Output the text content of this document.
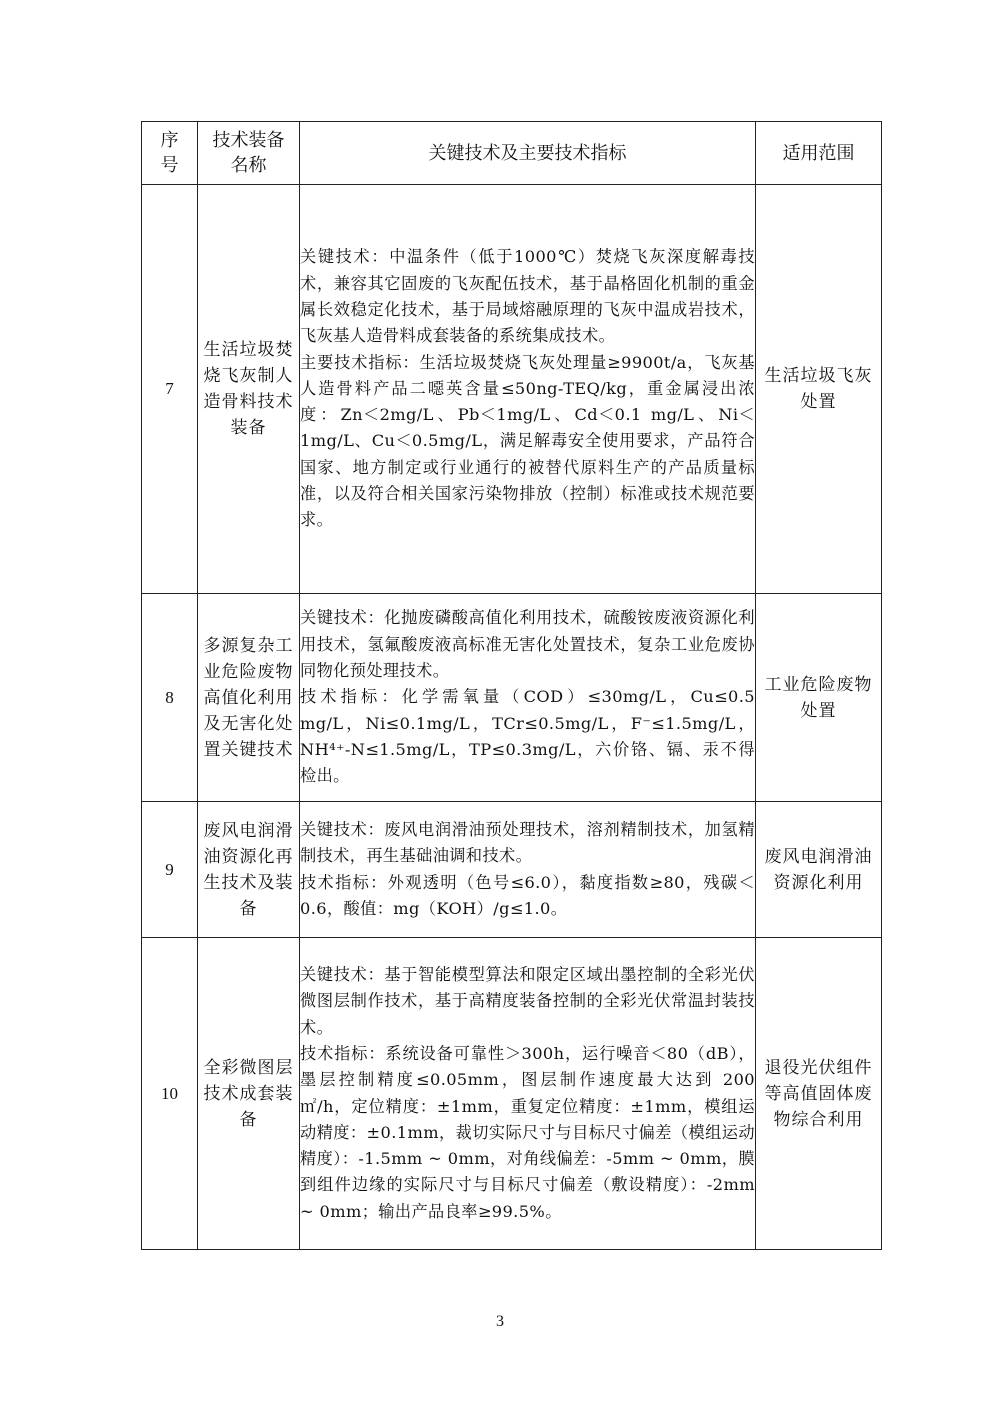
序号	技术装备名称	关键技术及主要技术指标	适用范围
7	生活垃圾焚烧飞灰制人造骨料技术装备	关键技术：中温条件（低于1000℃）焚烧飞灰深度解毒技术，兼容其它固废的飞灰配伍技术，基于晶格固化机制的重金属长效稳定化技术，基于局域熔融原理的飞灰中温成岩技术，飞灰基人造骨料成套装备的系统集成技术。

主要技术指标：生活垃圾焚烧飞灰处理量≥9900t/a，飞灰基人造骨料产品二噁英含量≤50ng-TEQ/kg，重金属浸出浓度：Zn＜2mg/L、Pb＜1mg/L、Cd＜0.1 mg/L、Ni＜1mg/L、Cu＜0.5mg/L，满足解毒安全使用要求，产品符合国家、地方制定或行业通行的被替代原料生产的产品质量标准，以及符合相关国家污染物排放（控制）标准或技术规范要求。	生活垃圾飞灰处置
8	多源复杂工业危险废物高值化利用及无害化处置关键技术	关键技术：化抛废磷酸高值化利用技术，硫酸铵废液资源化利用技术，氢氟酸废液高标准无害化处置技术，复杂工业危废协同物化预处理技术。

技术指标：化学需氧量（COD）≤30mg/L，Cu≤0.5 mg/L，Ni≤0.1mg/L，TCr≤0.5mg/L，F⁻≤1.5mg/L，NH⁴⁺-N≤1.5mg/L，TP≤0.3mg/L，六价铬、镉、汞不得检出。	工业危险废物处置
9	废风电润滑油资源化再生技术及装备	关键技术：废风电润滑油预处理技术，溶剂精制技术，加氢精制技术，再生基础油调和技术。

技术指标：外观透明（色号≤6.0），黏度指数≥80，残碳＜0.6，酸值：mg（KOH）/g≤1.0。	废风电润滑油资源化利用
10	全彩微图层技术成套装备	关键技术：基于智能模型算法和限定区域出墨控制的全彩光伏微图层制作技术，基于高精度装备控制的全彩光伏常温封装技术。

技术指标：系统设备可靠性＞300h，运行噪音＜80（dB），墨层控制精度≤0.05mm，图层制作速度最大达到 200 ㎡/h，定位精度：±1mm，重复定位精度：±1mm，模组运动精度：±0.1mm，裁切实际尺寸与目标尺寸偏差（模组运动精度）：-1.5mm ~ 0mm，对角线偏差：-5mm ~ 0mm，膜到组件边缘的实际尺寸与目标尺寸偏差（敷设精度）：-2mm ~ 0mm；输出产品良率≥99.5%。	退役光伏组件等高值固体废物综合利用
3
